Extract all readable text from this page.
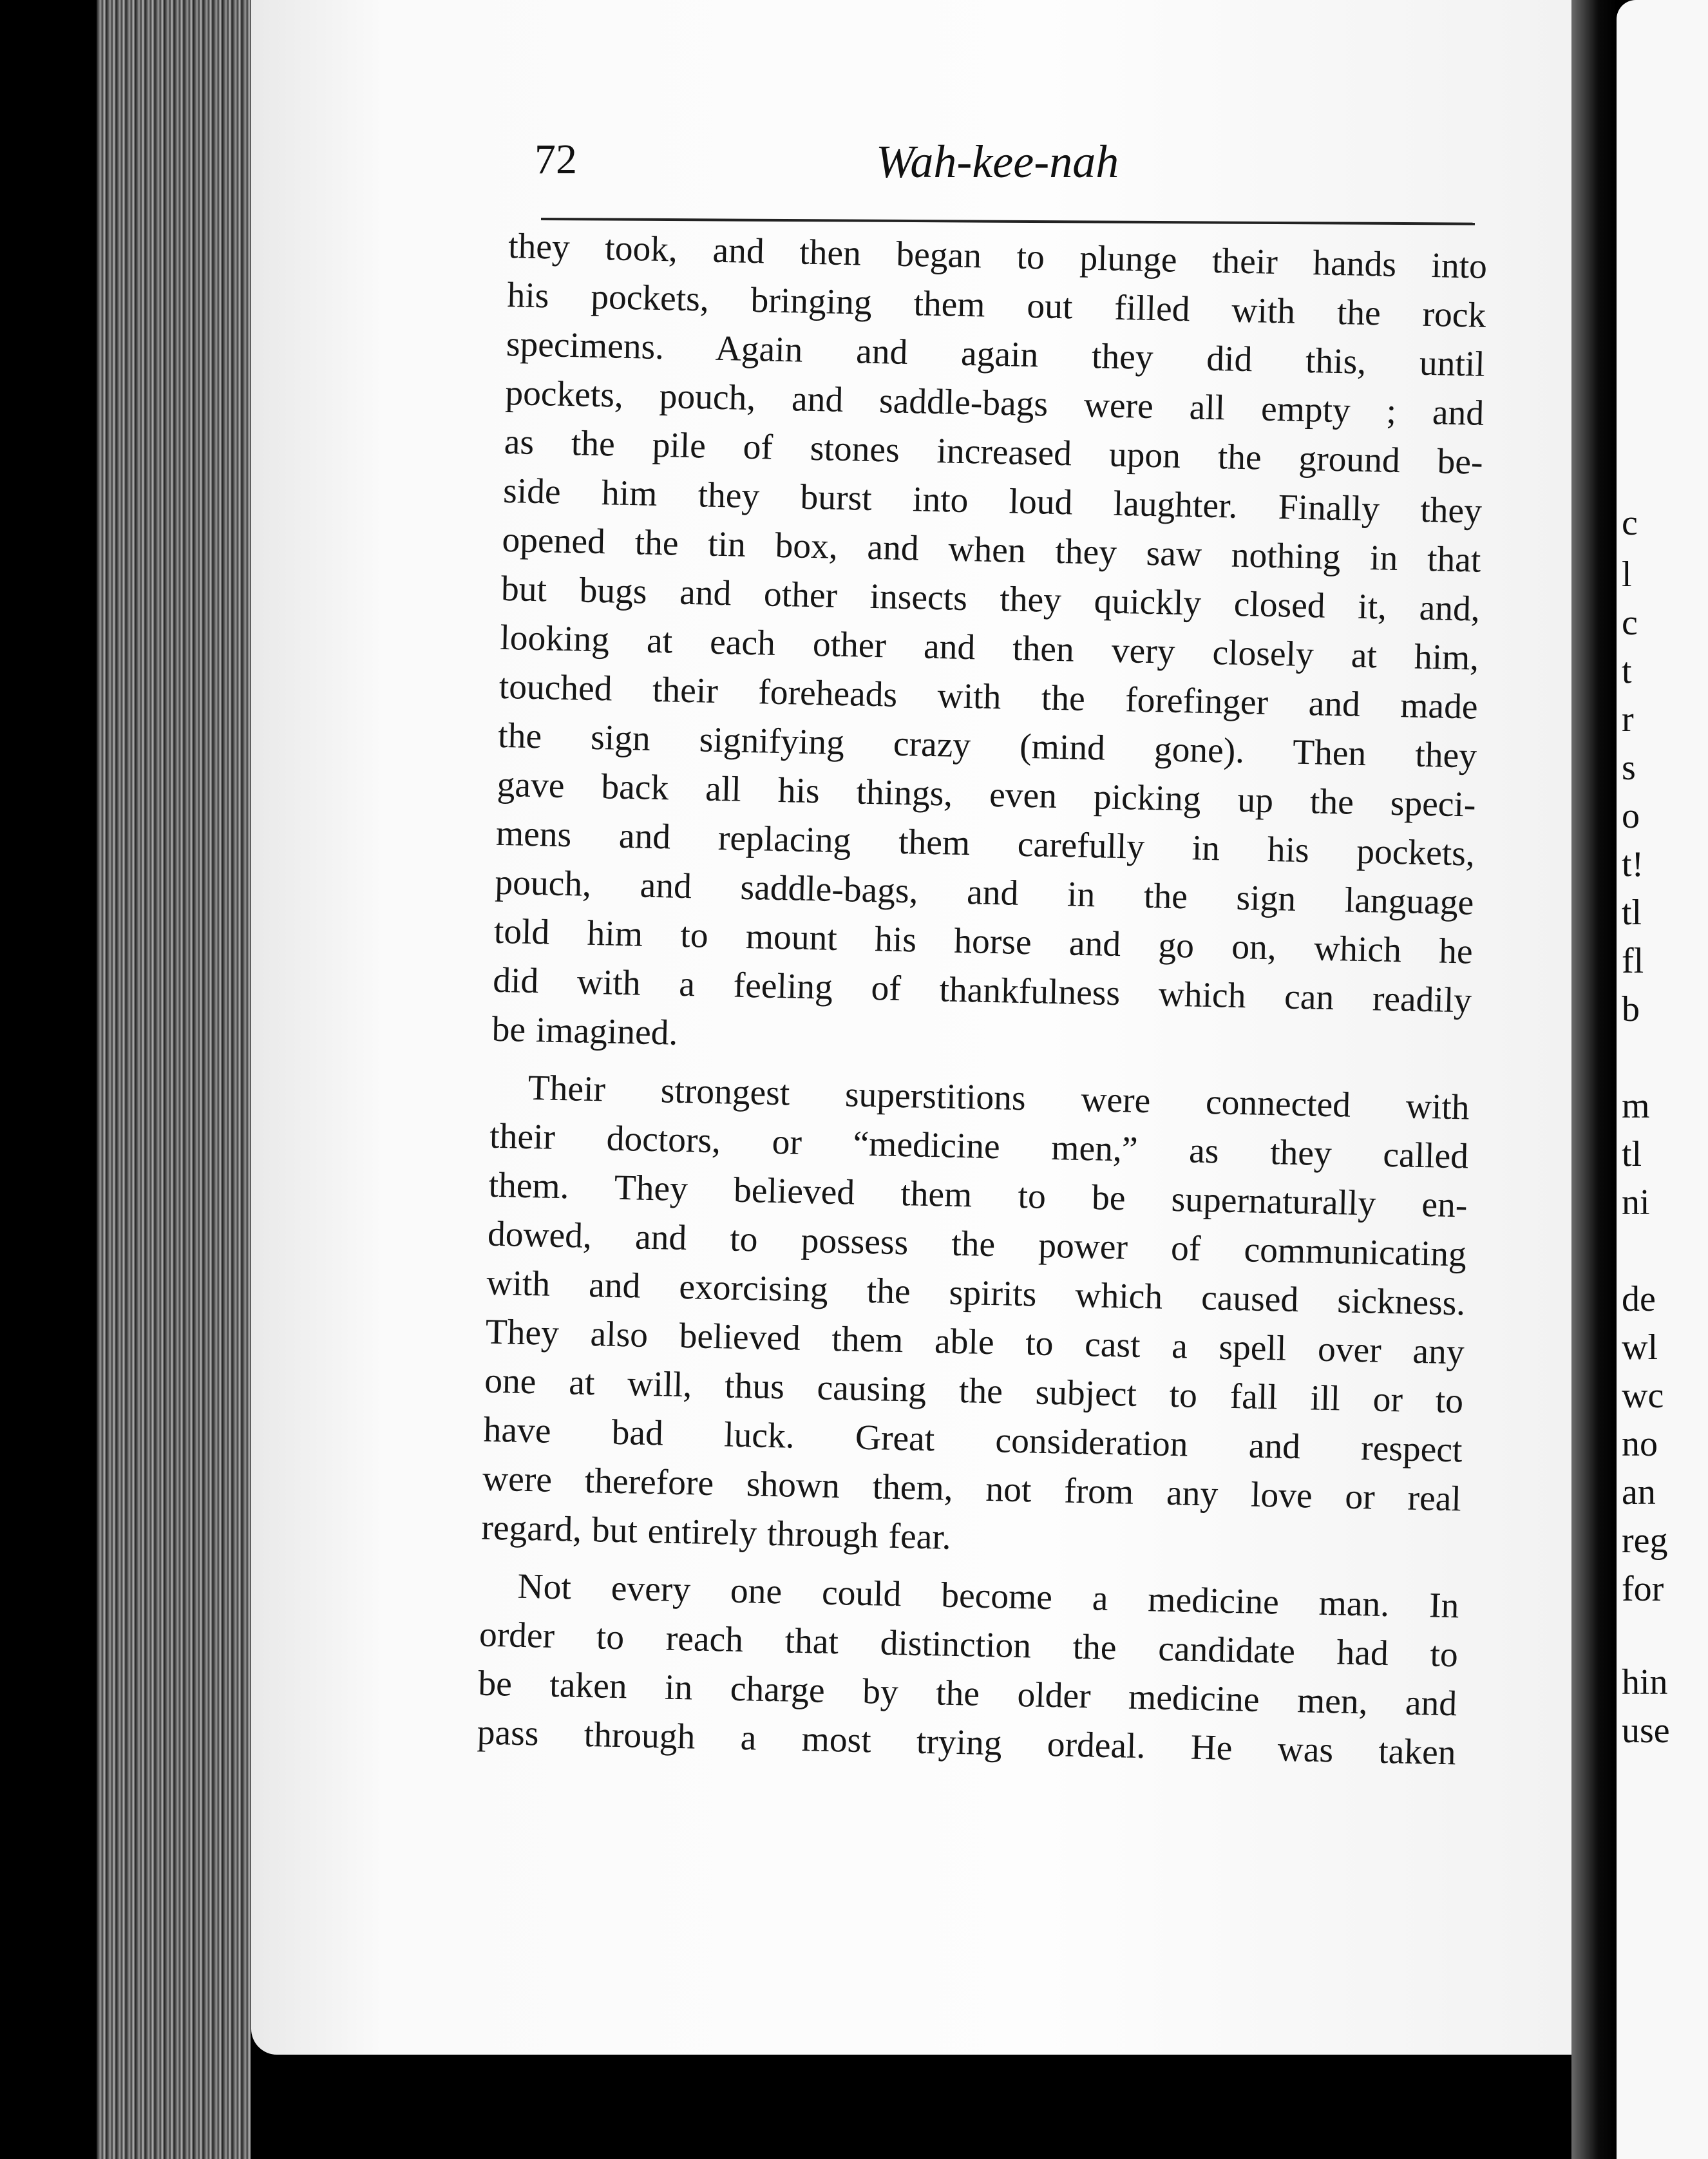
c
l
c
t
r
s
o
t!
tl
fl
b
m
tl
ni
de
wl
wc
no
an
reg
for
hin
use
72	Wah-kee-nah
they took, and then began to plunge their hands into
his pockets, bringing them out filled with the rock
specimens. Again and again they did this, until
pockets, pouch, and saddle-bags were all empty ; and
as the pile of stones increased upon the ground be-
side him they burst into loud laughter. Finally they
opened the tin box, and when they saw nothing in that
but bugs and other insects they quickly closed it, and,
looking at each other and then very closely at him,
touched their foreheads with the forefinger and made
the sign signifying crazy (mind gone). Then they
gave back all his things, even picking up the speci-
mens and replacing them carefully in his pockets,
pouch, and saddle-bags, and in the sign language
told him to mount his horse and go on, which he
did with a feeling of thankfulness which can readily
be imagined.
Their strongest superstitions were connected with
their doctors, or “medicine men,” as they called
them. They believed them to be supernaturally en-
dowed, and to possess the power of communicating
with and exorcising the spirits which caused sickness.
They also believed them able to cast a spell over any
one at will, thus causing the subject to fall ill or to
have bad luck. Great consideration and respect
were therefore shown them, not from any love or real
regard, but entirely through fear.
Not every one could become a medicine man. In
order to reach that distinction the candidate had to
be taken in charge by the older medicine men, and
pass through a most trying ordeal. He was taken
